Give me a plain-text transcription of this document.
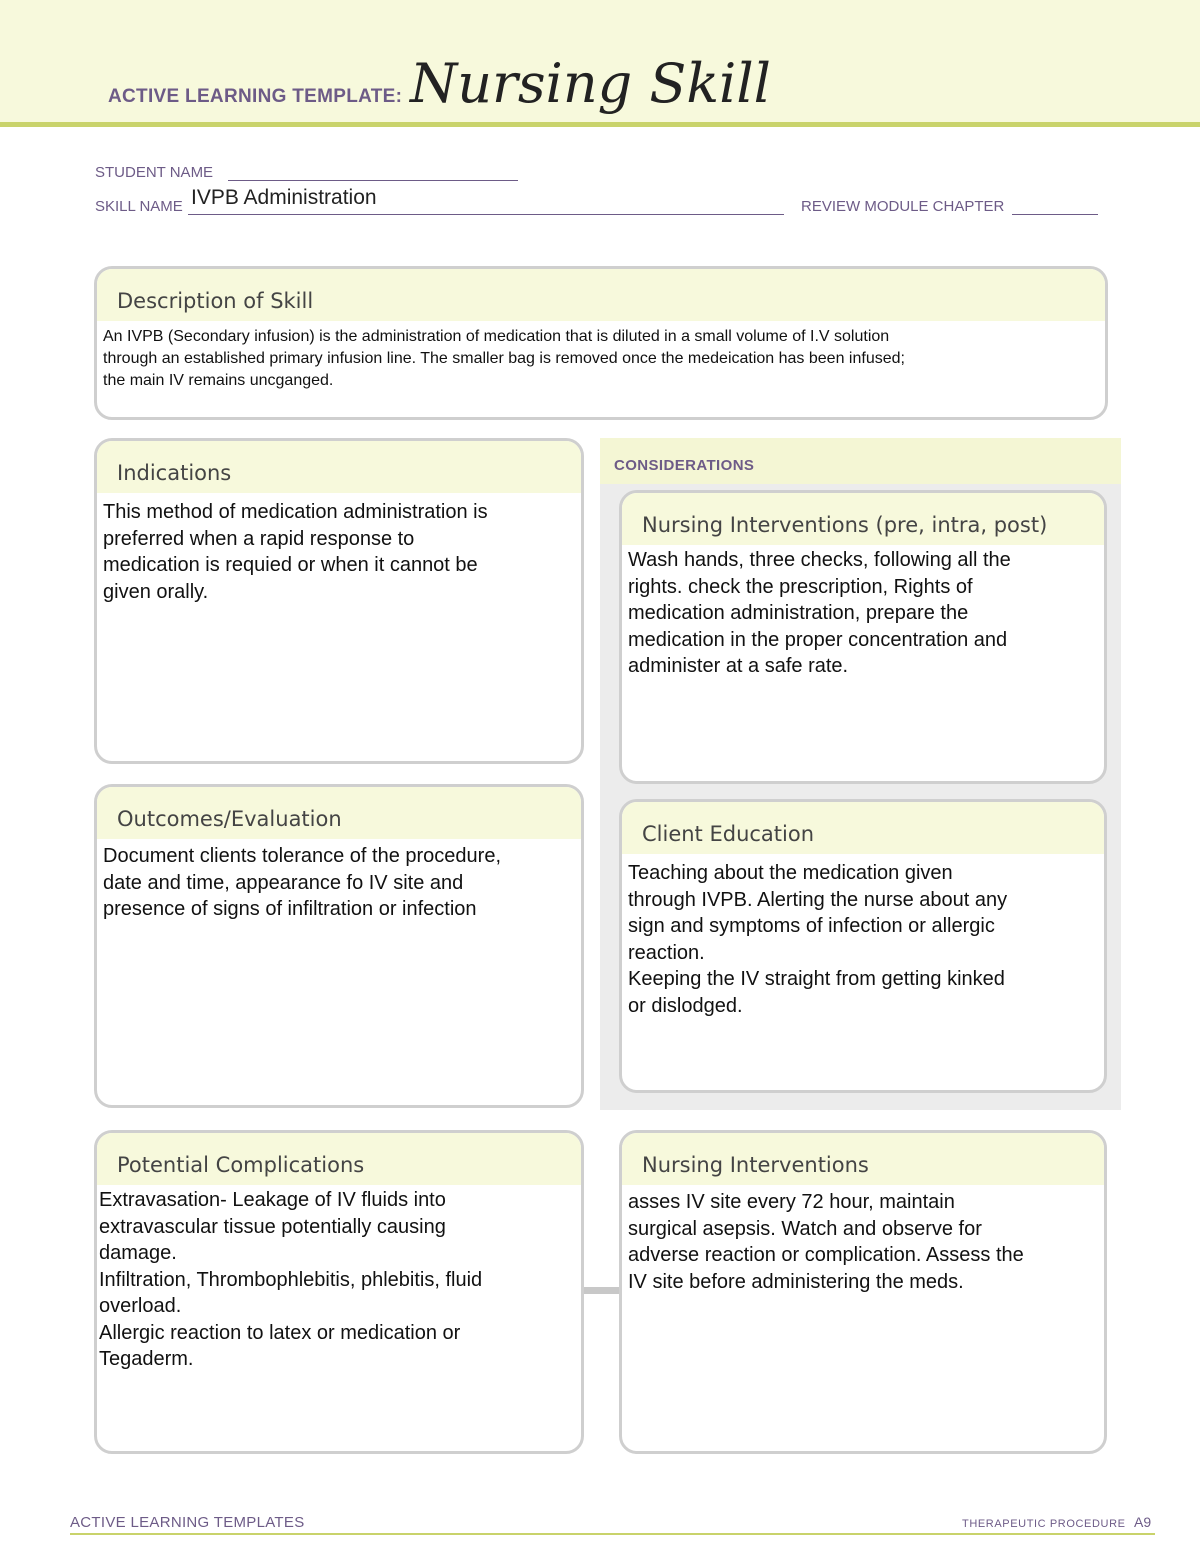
ACTIVE LEARNING TEMPLATE: Nursing Skill
STUDENT NAME
SKILL NAME IVPB Administration	REVIEW MODULE CHAPTER
Description of Skill
An IVPB (Secondary infusion) is the administration of medication that is diluted in a small volume of I.V solution
through an established primary infusion line. The smaller bag is removed once the medeication has been infused;
the main IV remains uncganged.
CONSIDERATIONS
Indications
This method of medication administration is
preferred when a rapid response to
medication is requied or when it cannot be
given orally.
Nursing Interventions (pre, intra, post)
Wash hands, three checks, following all the
rights. check the prescription, Rights of
medication administration, prepare the
medication in the proper concentration and
administer at a safe rate.
Outcomes/Evaluation
Document clients tolerance of the procedure,
date and time, appearance fo IV site and
presence of signs of infiltration or infection
Client Education
Teaching about the medication given
through IVPB. Alerting the nurse about any
sign and symptoms of infection or allergic
reaction.
Keeping the IV straight from getting kinked
or dislodged.
Potential Complications
Extravasation- Leakage of IV fluids into
extravascular tissue potentially causing
damage.
Infiltration, Thrombophlebitis, phlebitis, fluid
overload.
Allergic reaction to latex or medication or
Tegaderm.
Nursing Interventions
asses IV site every 72 hour, maintain
surgical asepsis. Watch and observe for
adverse reaction or complication. Assess the
IV site before administering the meds.
ACTIVE LEARNING TEMPLATES	THERAPEUTIC PROCEDURE A9
